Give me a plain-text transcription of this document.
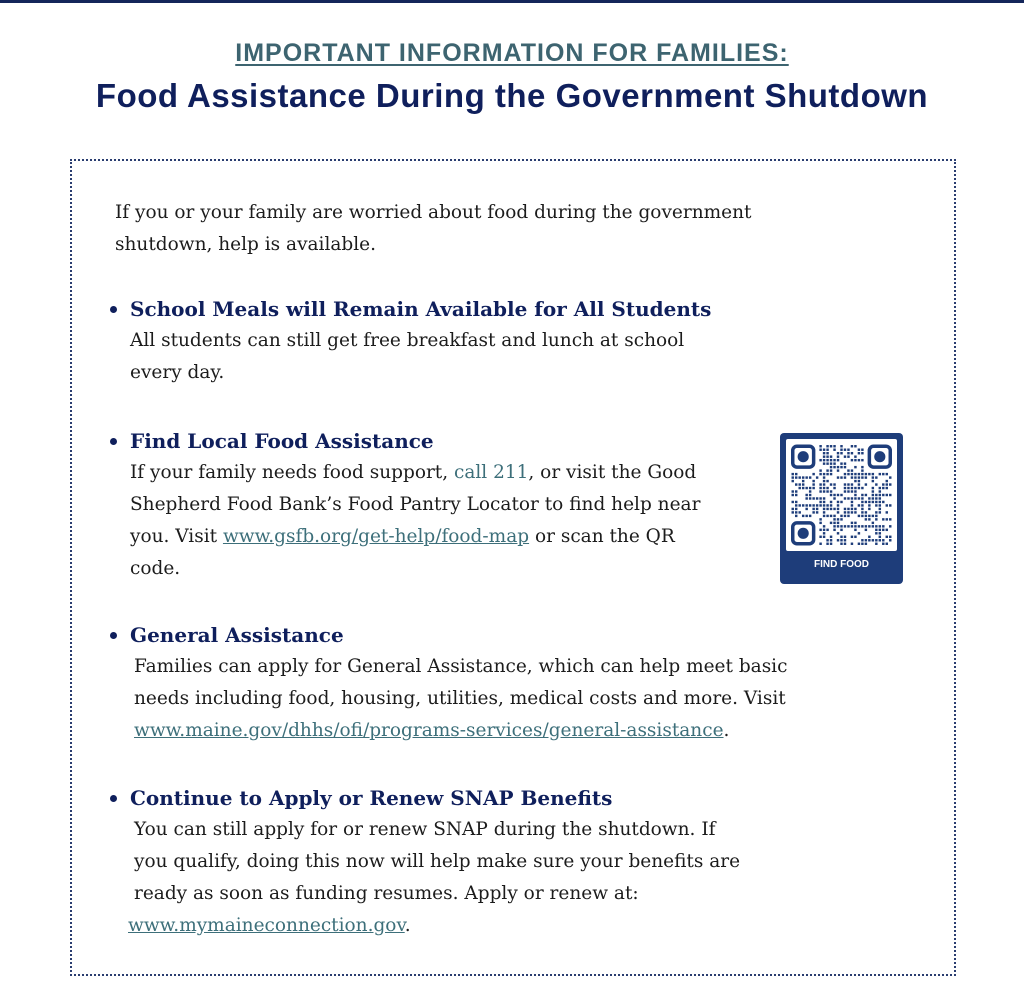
IMPORTANT INFORMATION FOR FAMILIES:
Food Assistance During the Government Shutdown

If you or your family are worried about food during the government shutdown, help is available.

School Meals will Remain Available for All Students

All students can still get free breakfast and lunch at school every day.

Find Local Food Assistance

If your family needs food support, call 211, or visit the Good Shepherd Food Bank’s Food Pantry Locator to find help near you. Visit www.gsfb.org/get-help/food-map or scan the QR code.	FIND FOOD
General Assistance

Families can apply for General Assistance, which can help meet basic needs including food, housing, utilities, medical costs and more. Visit www.maine.gov/dhhs/ofi/programs-services/general-assistance.

Continue to Apply or Renew SNAP Benefits

You can still apply for or renew SNAP during the shutdown. If you qualify, doing this now will help make sure your benefits are ready as soon as funding resumes. Apply or renew at:

www.mymaineconnection.gov.
